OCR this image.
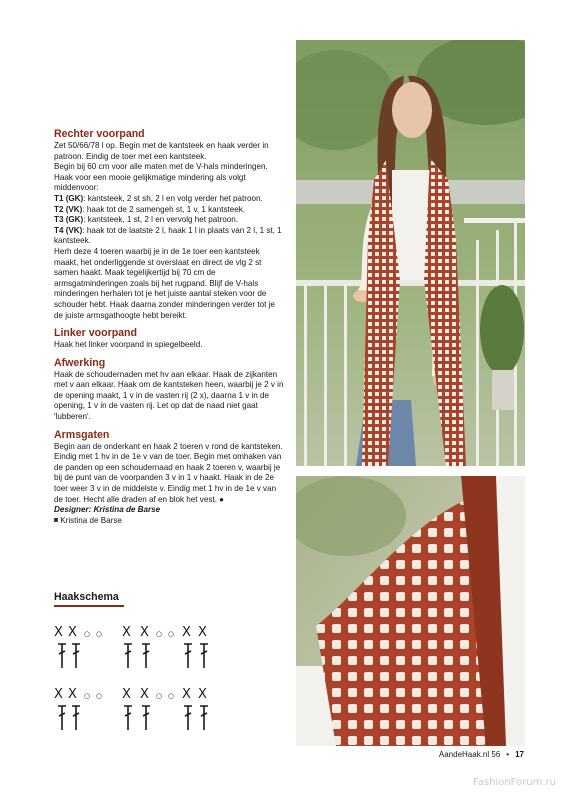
Rechter voorpand

Zet 50/66/78 l op. Begin met de kantsteek en haak verder in patroon. Eindig de toer met een kantsteek.

Begin bij 60 cm voor alle maten met de V-hals minderingen. Haak voor een mooie gelijkmatige mindering als volgt middenvoor:

T1 (GK): kantsteek, 2 st sh, 2 l en volg verder het patroon.

T2 (VK): haak tot de 2 samengeh st, 1 v, 1 kantsteek.

T3 (GK): kantsteek, 1 st, 2 l en vervolg het patroon.

T4 (VK): haak tot de laatste 2 l, haak 1 l in plaats van 2 l, 1 st, 1 kantsteek.

Herh deze 4 toeren waarbij je in de 1e toer een kantsteek maakt, het onderliggende st overslaat en direct de vlg 2 st samen haakt. Maak tegelijkertijd bij 70 cm de armsgatminderingen zoals bij het rugpand. Blijf de V-hals minderingen herhalen tot je het juiste aantal steken voor de schouder hebt. Haak daarna zonder minderingen verder tot je de juiste armsgathoogte hebt bereikt.

Linker voorpand

Haak het linker voorpand in spiegelbeeld.

Afwerking

Haak de schoudernaden met hv aan elkaar. Haak de zijkanten met v aan elkaar. Haak om de kantsteken heen, waarbij je 2 v in de opening maakt, 1 v in de vasten rij (2 x), daarna 1 v in de opening, 1 v in de vasten rij. Let op dat de naad niet gaat 'lubberen'.

Armsgaten

Begin aan de onderkant en haak 2 toeren v rond de kantsteken. Eindig met 1 hv in de 1e v van de toer. Begin met omhaken van de panden op een schoudernaad en haak 2 toeren v, waarbij je bij de punt van de voorpanden 3 v in 1 v haakt. Haak in de 2e toer weer 3 v in de middelste v. Eindig met 1 hv in de 1e v van de toer. Hecht alle draden af en blok het vest. ●

Designer: Kristina de Barse

◙ Kristina de Barse

Haakschema
X X ○ ○ X X ○ ○ X X
X X ○ ○ X X ○ ○ X X
AandeHaak.nl 56 • 17
FashionForum.ru
